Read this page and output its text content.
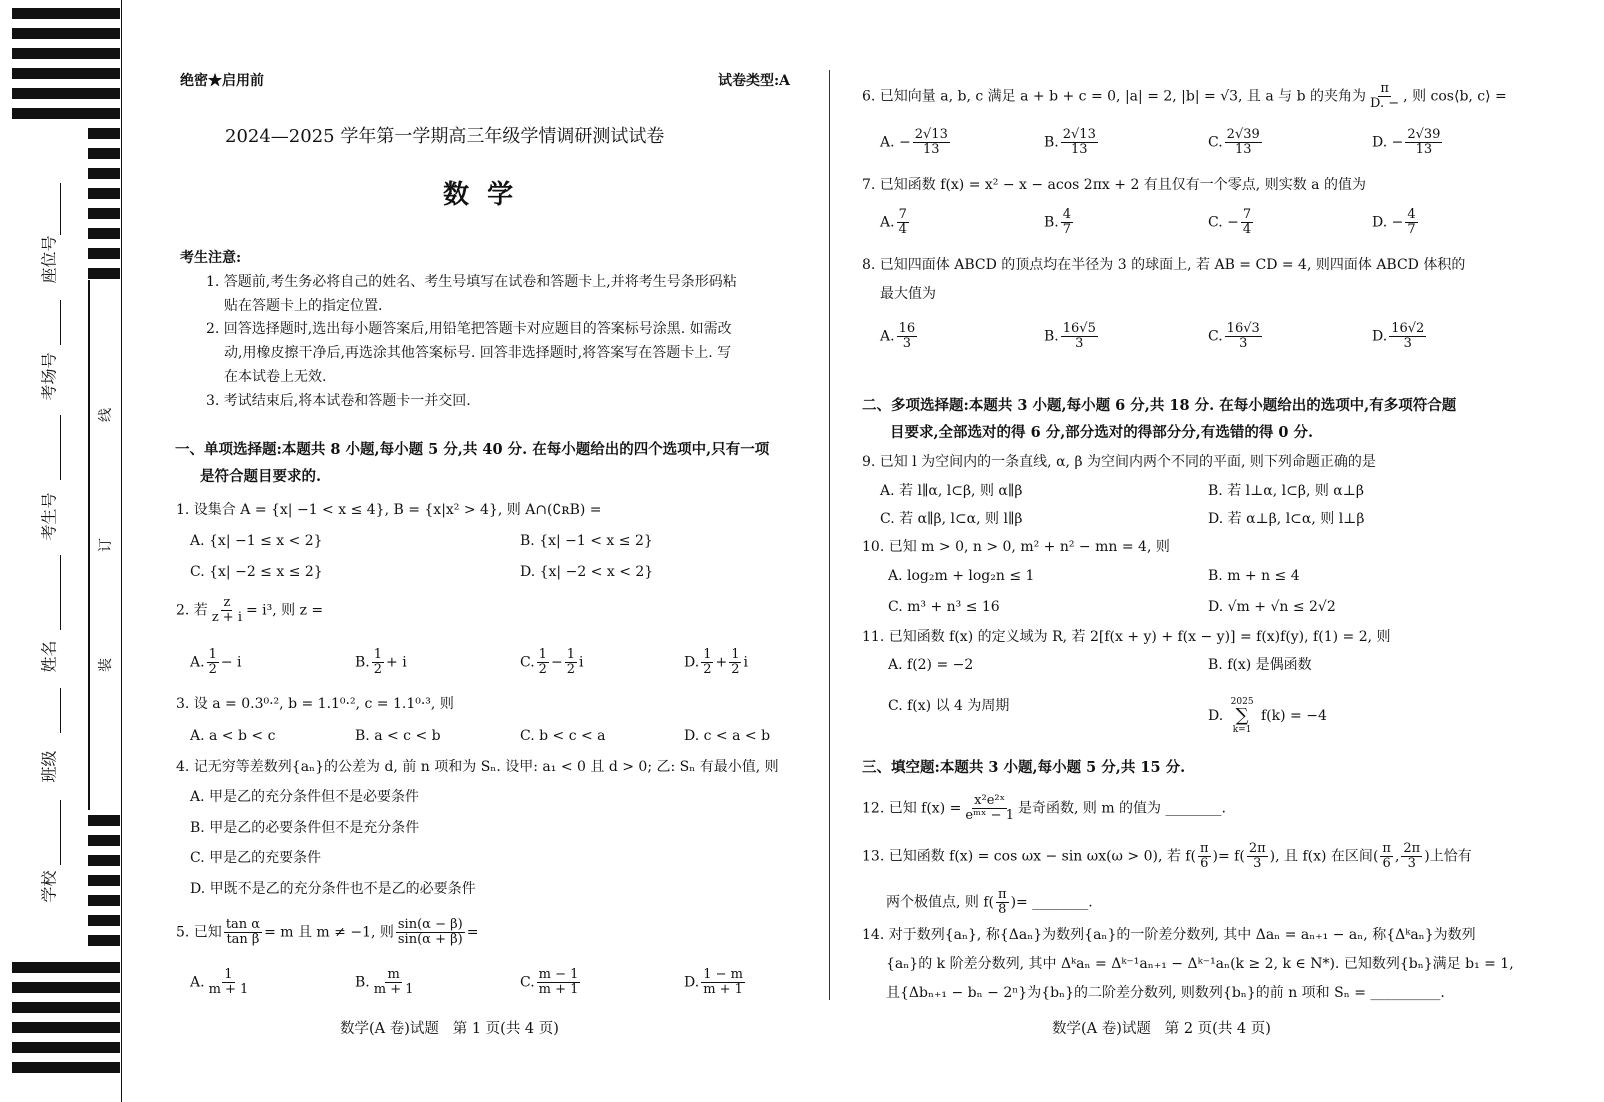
座位号
考场号
考生号
姓名
班级
学校
线
订
装
绝密★启用前	试卷类型:A
2024—2025 学年第一学期高三年级学情调研测试试卷
数  学
考生注意:
1. 答题前,考生务必将自己的姓名、考生号填写在试卷和答题卡上,并将考生号条形码粘
贴在答题卡上的指定位置.
2. 回答选择题时,选出每小题答案后,用铅笔把答题卡对应题目的答案标号涂黑. 如需改
动,用橡皮擦干净后,再选涂其他答案标号. 回答非选择题时,将答案写在答题卡上. 写
在本试卷上无效.
3. 考试结束后,将本试卷和答题卡一并交回.
一、单项选择题:本题共 8 小题,每小题 5 分,共 40 分. 在每小题给出的四个选项中,只有一项
是符合题目要求的.
1. 设集合 A = {x| −1 < x ≤ 4}, B = {x|x² > 4}, 则 A∩(∁ʀB) =
A. {x| −1 ≤ x < 2}	B. {x| −1 < x ≤ 2}
C. {x| −2 ≤ x ≤ 2}	D. {x| −2 < x < 2}
2. 若 $\frac{z}{z + i} = i^3$, 则 z =
A. $\frac{1}{2} - i$	B. $\frac{1}{2} + i$	C. $\frac{1}{2} - \frac{1}{2}$ i	D. $\frac{1}{2} + \frac{1}{2}$ i
3. 设 a = 0.3⁰·², b = 1.1⁰·², c = 1.1⁰·³, 则
A. a < b < c	B. a < c < b	C. b < c < a	D. c < a < b
4. 记无穷等差数列{aₙ}的公差为 d, 前 n 项和为 Sₙ. 设甲: a₁ < 0 且 d > 0; 乙: Sₙ 有最小值, 则
A. 甲是乙的充分条件但不是必要条件
B. 甲是乙的必要条件但不是充分条件
C. 甲是乙的充要条件
D. 甲既不是乙的充分条件也不是乙的必要条件
5. 已知 $\frac{\text{tan α}}{\text{tan β}} = m$ 且 m ≠ −1, 则 $\frac{\sin(\alpha - \beta)}{\sin(\alpha + \beta)}$ =
A. $\frac{1}{m + 1}$	B. $\frac{m}{m + 1}$	C. $\frac{m - 1}{m + 1}$	D. $\frac{1 - m}{m + 1}$
数学(A 卷)试题   第 1 页(共 4 页)
6. 已知向量 a, b, c 满足 a + b + c = 0, |a| = 2, |b| = √3, 且 a 与 b 的夹角为 $\frac{\pi}{D. -}$ , 则 cos⟨b, c⟩ =
A. − $\frac{2√13}{13}$	B. $\frac{2√13}{13}$	C. $\frac{2√39}{13}$	D. − $\frac{2√39}{13}$
7. 已知函数 f(x) = x² − x − acos 2πx + 2 有且仅有一个零点, 则实数 a 的值为
A. $\frac{7}{4}$	B. $\frac{4}{7}$	C. − $\frac{7}{4}$	D. − $\frac{4}{7}$
8. 已知四面体 ABCD 的顶点均在半径为 3 的球面上, 若 AB = CD = 4, 则四面体 ABCD 体积的
最大值为
A. $\frac{16}{3}$	B. $\frac{16√5}{3}$	C. $\frac{16√3}{3}$	D. $\frac{16√2}{3}$
二、多项选择题:本题共 3 小题,每小题 6 分,共 18 分. 在每小题给出的选项中,有多项符合题
目要求,全部选对的得 6 分,部分选对的得部分分,有选错的得 0 分.
9. 已知 l 为空间内的一条直线, α, β 为空间内两个不同的平面, 则下列命题正确的是
A. 若 l∥α, l⊂β, 则 α∥β	B. 若 l⊥α, l⊂β, 则 α⊥β
C. 若 α∥β, l⊂α, 则 l∥β	D. 若 α⊥β, l⊂α, 则 l⊥β
10. 已知 m > 0, n > 0, m² + n² − mn = 4, 则
A. log₂m + log₂n ≤ 1	B. m + n ≤ 4
C. m³ + n³ ≤ 16	D. √m + √n ≤ 2√2
11. 已知函数 f(x) 的定义域为 R, 若 2[f(x + y) + f(x − y)] = f(x)f(y), f(1) = 2, 则
A. f(2) = −2	B. f(x) 是偶函数
C. f(x) 以 4 为周期
D.
2025
∑
k=1
f(k) = −4
三、填空题:本题共 3 小题,每小题 5 分,共 15 分.
12. 已知 $f(x) = \frac{\text{x²e²ˣ}}{\text{eᵐˣ − 1}}$ 是奇函数, 则 m 的值为 ________.
13. 已知函数 f(x) = cos ωx − sin ωx(ω > 0), 若 $f( \frac{\pi}{6}$ )= $f( \frac{2\pi}{3}$ ), 且 f(x) 在区间( $\frac{\pi}{6}$ , $\frac{2\pi}{3}$ )上恰有
两个极值点, 则 $f( \frac{\pi}{8}$ )= ________.
14. 对于数列{aₙ}, 称{Δaₙ}为数列{aₙ}的一阶差分数列, 其中 Δaₙ = aₙ₊₁ − aₙ, 称{Δᵏaₙ}为数列
{aₙ}的 k 阶差分数列, 其中 Δᵏaₙ = Δᵏ⁻¹aₙ₊₁ − Δᵏ⁻¹aₙ(k ≥ 2, k ∈ N*). 已知数列{bₙ}满足 b₁ = 1,
且{Δbₙ₊₁ − bₙ − 2ⁿ}为{bₙ}的二阶差分数列, 则数列{bₙ}的前 n 项和 Sₙ = __________.
数学(A 卷)试题   第 2 页(共 4 页)
